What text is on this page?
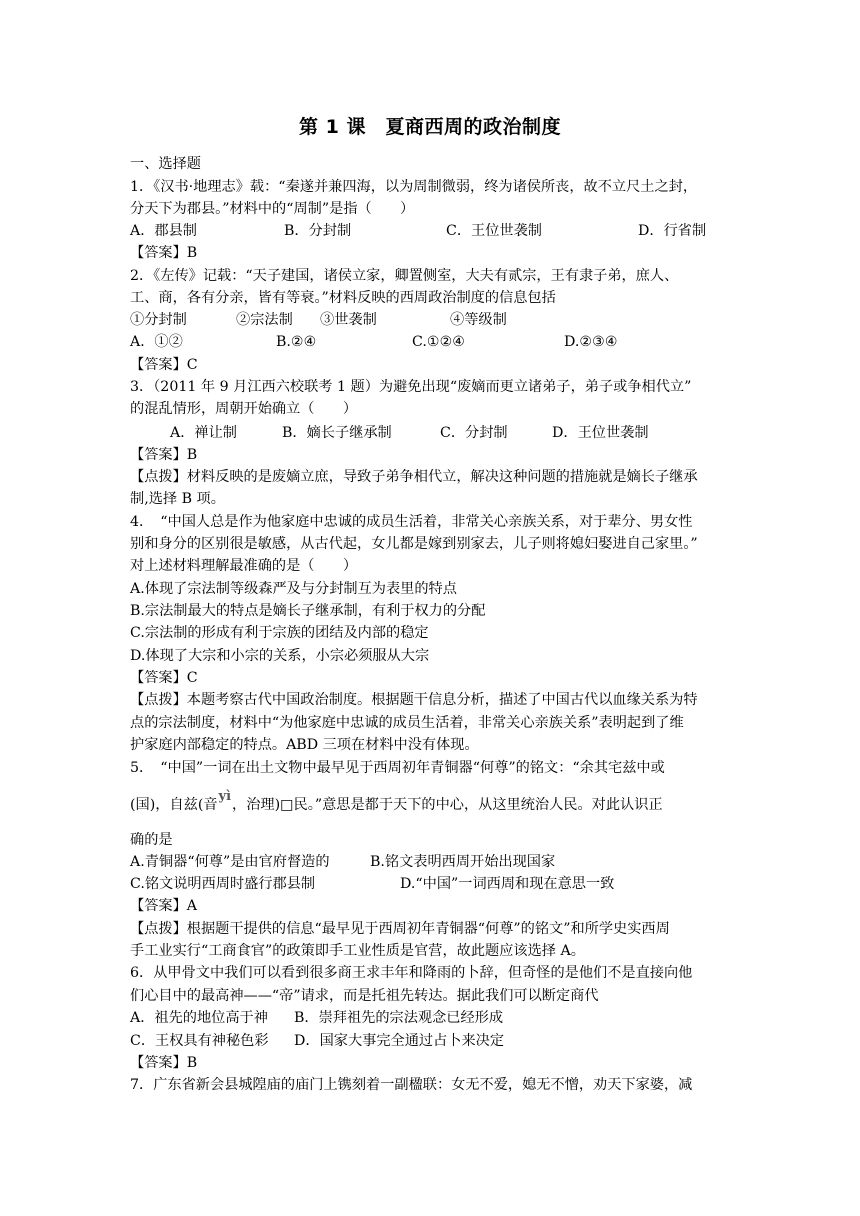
第 1 课　夏商西周的政治制度
一、选择题
1．《汉书·地理志》载：“秦遂并兼四海，以为周制微弱，终为诸侯所丧，故不立尺土之封，
分天下为郡县。”材料中的“周制”是指（　　）
A．郡县制	B．分封制	C．王位世袭制	D．行省制
【答案】B
2．《左传》记载：“天子建国，诸侯立家，卿置侧室，大夫有贰宗，王有隶子弟，庶人、
工、商，各有分亲，皆有等衰。”材料反映的西周政治制度的信息包括
①分封制	②宗法制 ③世袭制	④等级制
A．①②	B.②④	C.①②④	D.②③④
【答案】C
3．（2011 年 9 月江西六校联考 1 题）为避免出现“废嫡而更立诸弟子，弟子或争相代立”
的混乱情形，周朝开始确立（　　）
A．禅让制	B．嫡长子继承制	C．分封制	D．王位世袭制
【答案】B
【点拨】材料反映的是废嫡立庶，导致子弟争相代立，解决这种问题的措施就是嫡长子继承
制,选择 B 项。
4．　“中国人总是作为他家庭中忠诚的成员生活着，非常关心亲族关系，对于辈分、男女性
别和身分的区别很是敏感，从古代起，女儿都是嫁到别家去，儿子则将媳妇娶进自己家里。”
对上述材料理解最准确的是（　　）
A.体现了宗法制等级森严及与分封制互为表里的特点
B.宗法制最大的特点是嫡长子继承制，有利于权力的分配
C.宗法制的形成有利于宗族的团结及内部的稳定
D.体现了大宗和小宗的关系，小宗必须服从大宗
【答案】C
【点拨】本题考察古代中国政治制度。根据题干信息分析，描述了中国古代以血缘关系为特
点的宗法制度，材料中“为他家庭中忠诚的成员生活着，非常关心亲族关系”表明起到了维
护家庭内部稳定的特点。ABD 三项在材料中没有体现。
5．　“中国”一词在出土文物中最早见于西周初年青铜器“何尊”的铭文：“余其宅兹中或
(国)，自兹(音yì，治理)□民。”意思是都于天下的中心，从这里统治人民。对此认识正
确的是
A.青铜器“何尊”是由官府督造的	B.铭文表明西周开始出现国家
C.铭文说明西周时盛行郡县制	D.“中国”一词西周和现在意思一致
【答案】A
【点拨】根据题干提供的信息“最早见于西周初年青铜器“何尊”的铭文”和所学史实西周
手工业实行“工商食官”的政策即手工业性质是官营，故此题应该选择 A。
6．从甲骨文中我们可以看到很多商王求丰年和降雨的卜辞，但奇怪的是他们不是直接向他
们心目中的最高神——“帝”请求，而是托祖先转达。据此我们可以断定商代
A．祖先的地位高于神 B．崇拜祖先的宗法观念已经形成
C．王权具有神秘色彩 D．国家大事完全通过占卜来决定
【答案】B
7．广东省新会县城隍庙的庙门上镌刻着一副楹联：女无不爱，媳无不憎，劝天下家婆，减
